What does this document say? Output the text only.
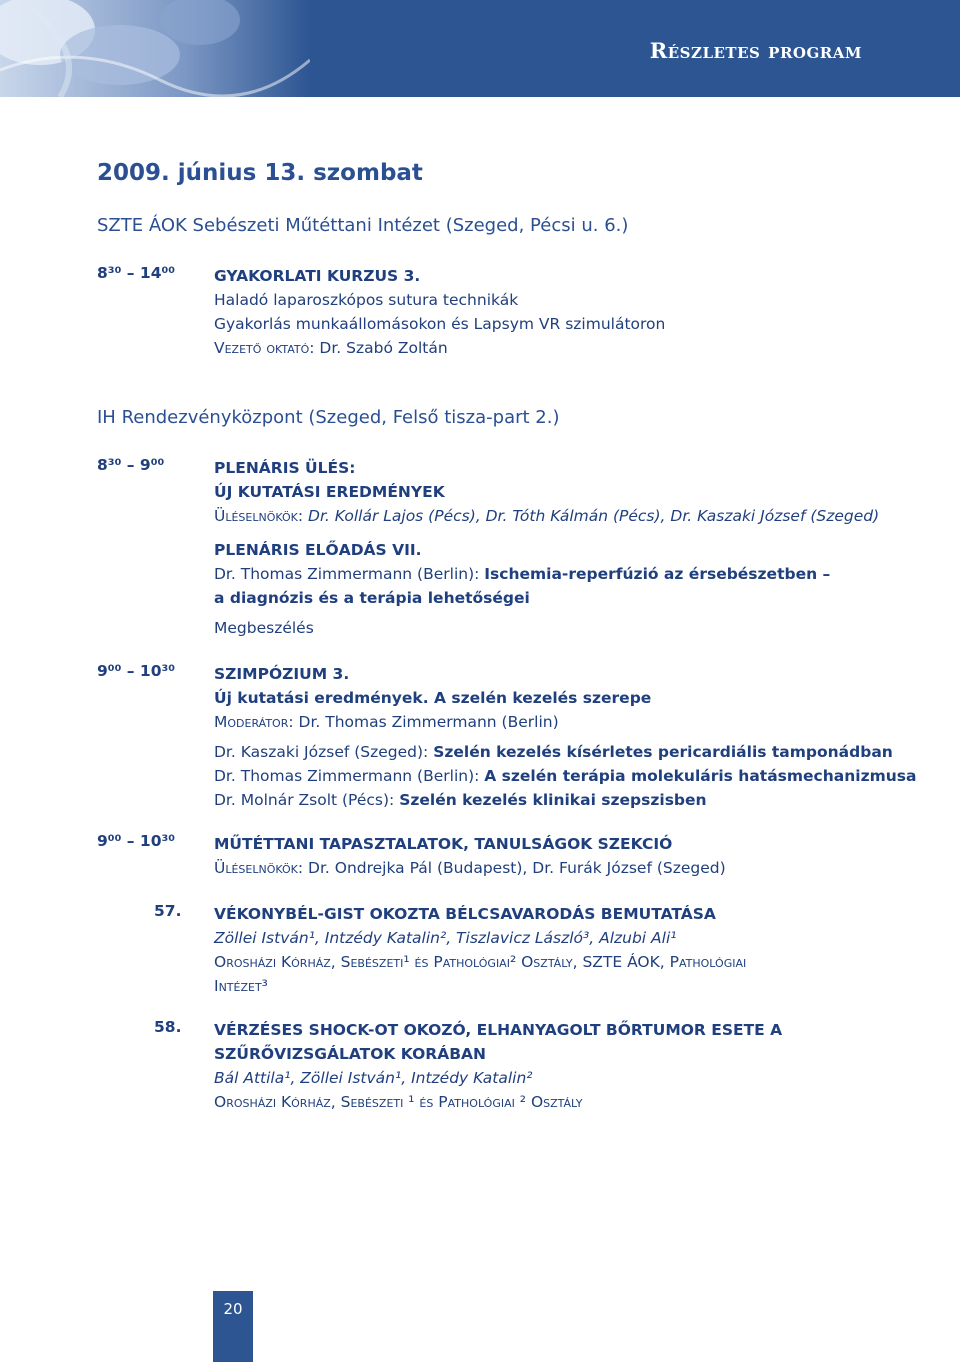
Részletes program
2009. június 13. szombat
SZTE ÁOK Sebészeti Műtéttani Intézet (Szeged, Pécsi u. 6.)
8³⁰ – 14⁰⁰	GYAKORLATI KURZUS 3.
Haladó laparoszkópos sutura technikák
Gyakorlás munkaállomásokon és Lapsym VR szimulátoron
Vezető oktató: Dr. Szabó Zoltán
IH Rendezvényközpont (Szeged, Felső tisza-part 2.)
8³⁰ – 9⁰⁰	PLENÁRIS ÜLÉS:
ÚJ KUTATÁSI EREDMÉNYEK
Üléselnökök: Dr. Kollár Lajos (Pécs), Dr. Tóth Kálmán (Pécs), Dr. Kaszaki József (Szeged)
PLENÁRIS ELŐADÁS VII.
Dr. Thomas Zimmermann (Berlin): Ischemia-reperfúzió az érsebészetben –
a diagnózis és a terápia lehetőségei
Megbeszélés
9⁰⁰ – 10³⁰	SZIMPÓZIUM 3.
Új kutatási eredmények. A szelén kezelés szerepe
Moderátor: Dr. Thomas Zimmermann (Berlin)
Dr. Kaszaki József (Szeged): Szelén kezelés kísérletes pericardiális tamponádban
Dr. Thomas Zimmermann (Berlin): A szelén terápia molekuláris hatásmechanizmusa
Dr. Molnár Zsolt (Pécs): Szelén kezelés klinikai szepszisben
9⁰⁰ – 10³⁰	MŰTÉTTANI TAPASZTALATOK, TANULSÁGOK SZEKCIÓ
Üléselnökök: Dr. Ondrejka Pál (Budapest), Dr. Furák József (Szeged)
57. VÉKONYBÉL-GIST OKOZTA BÉLCSAVARODÁS BEMUTATÁSA
Zöllei István¹, Intzédy Katalin², Tiszlavicz László³, Alzubi Ali¹
Orosházi Kórház, Sebészeti¹ és Pathológiai² Osztály, SZTE ÁOK, Pathológiai
Intézet³
58. VÉRZÉSES SHOCK-OT OKOZÓ, ELHANYAGOLT BŐRTUMOR ESETE A
SZŰRŐVIZSGÁLATOK KORÁBAN
Bál Attila¹, Zöllei István¹, Intzédy Katalin²
Orosházi Kórház, Sebészeti ¹ és Pathológiai ² Osztály
20
